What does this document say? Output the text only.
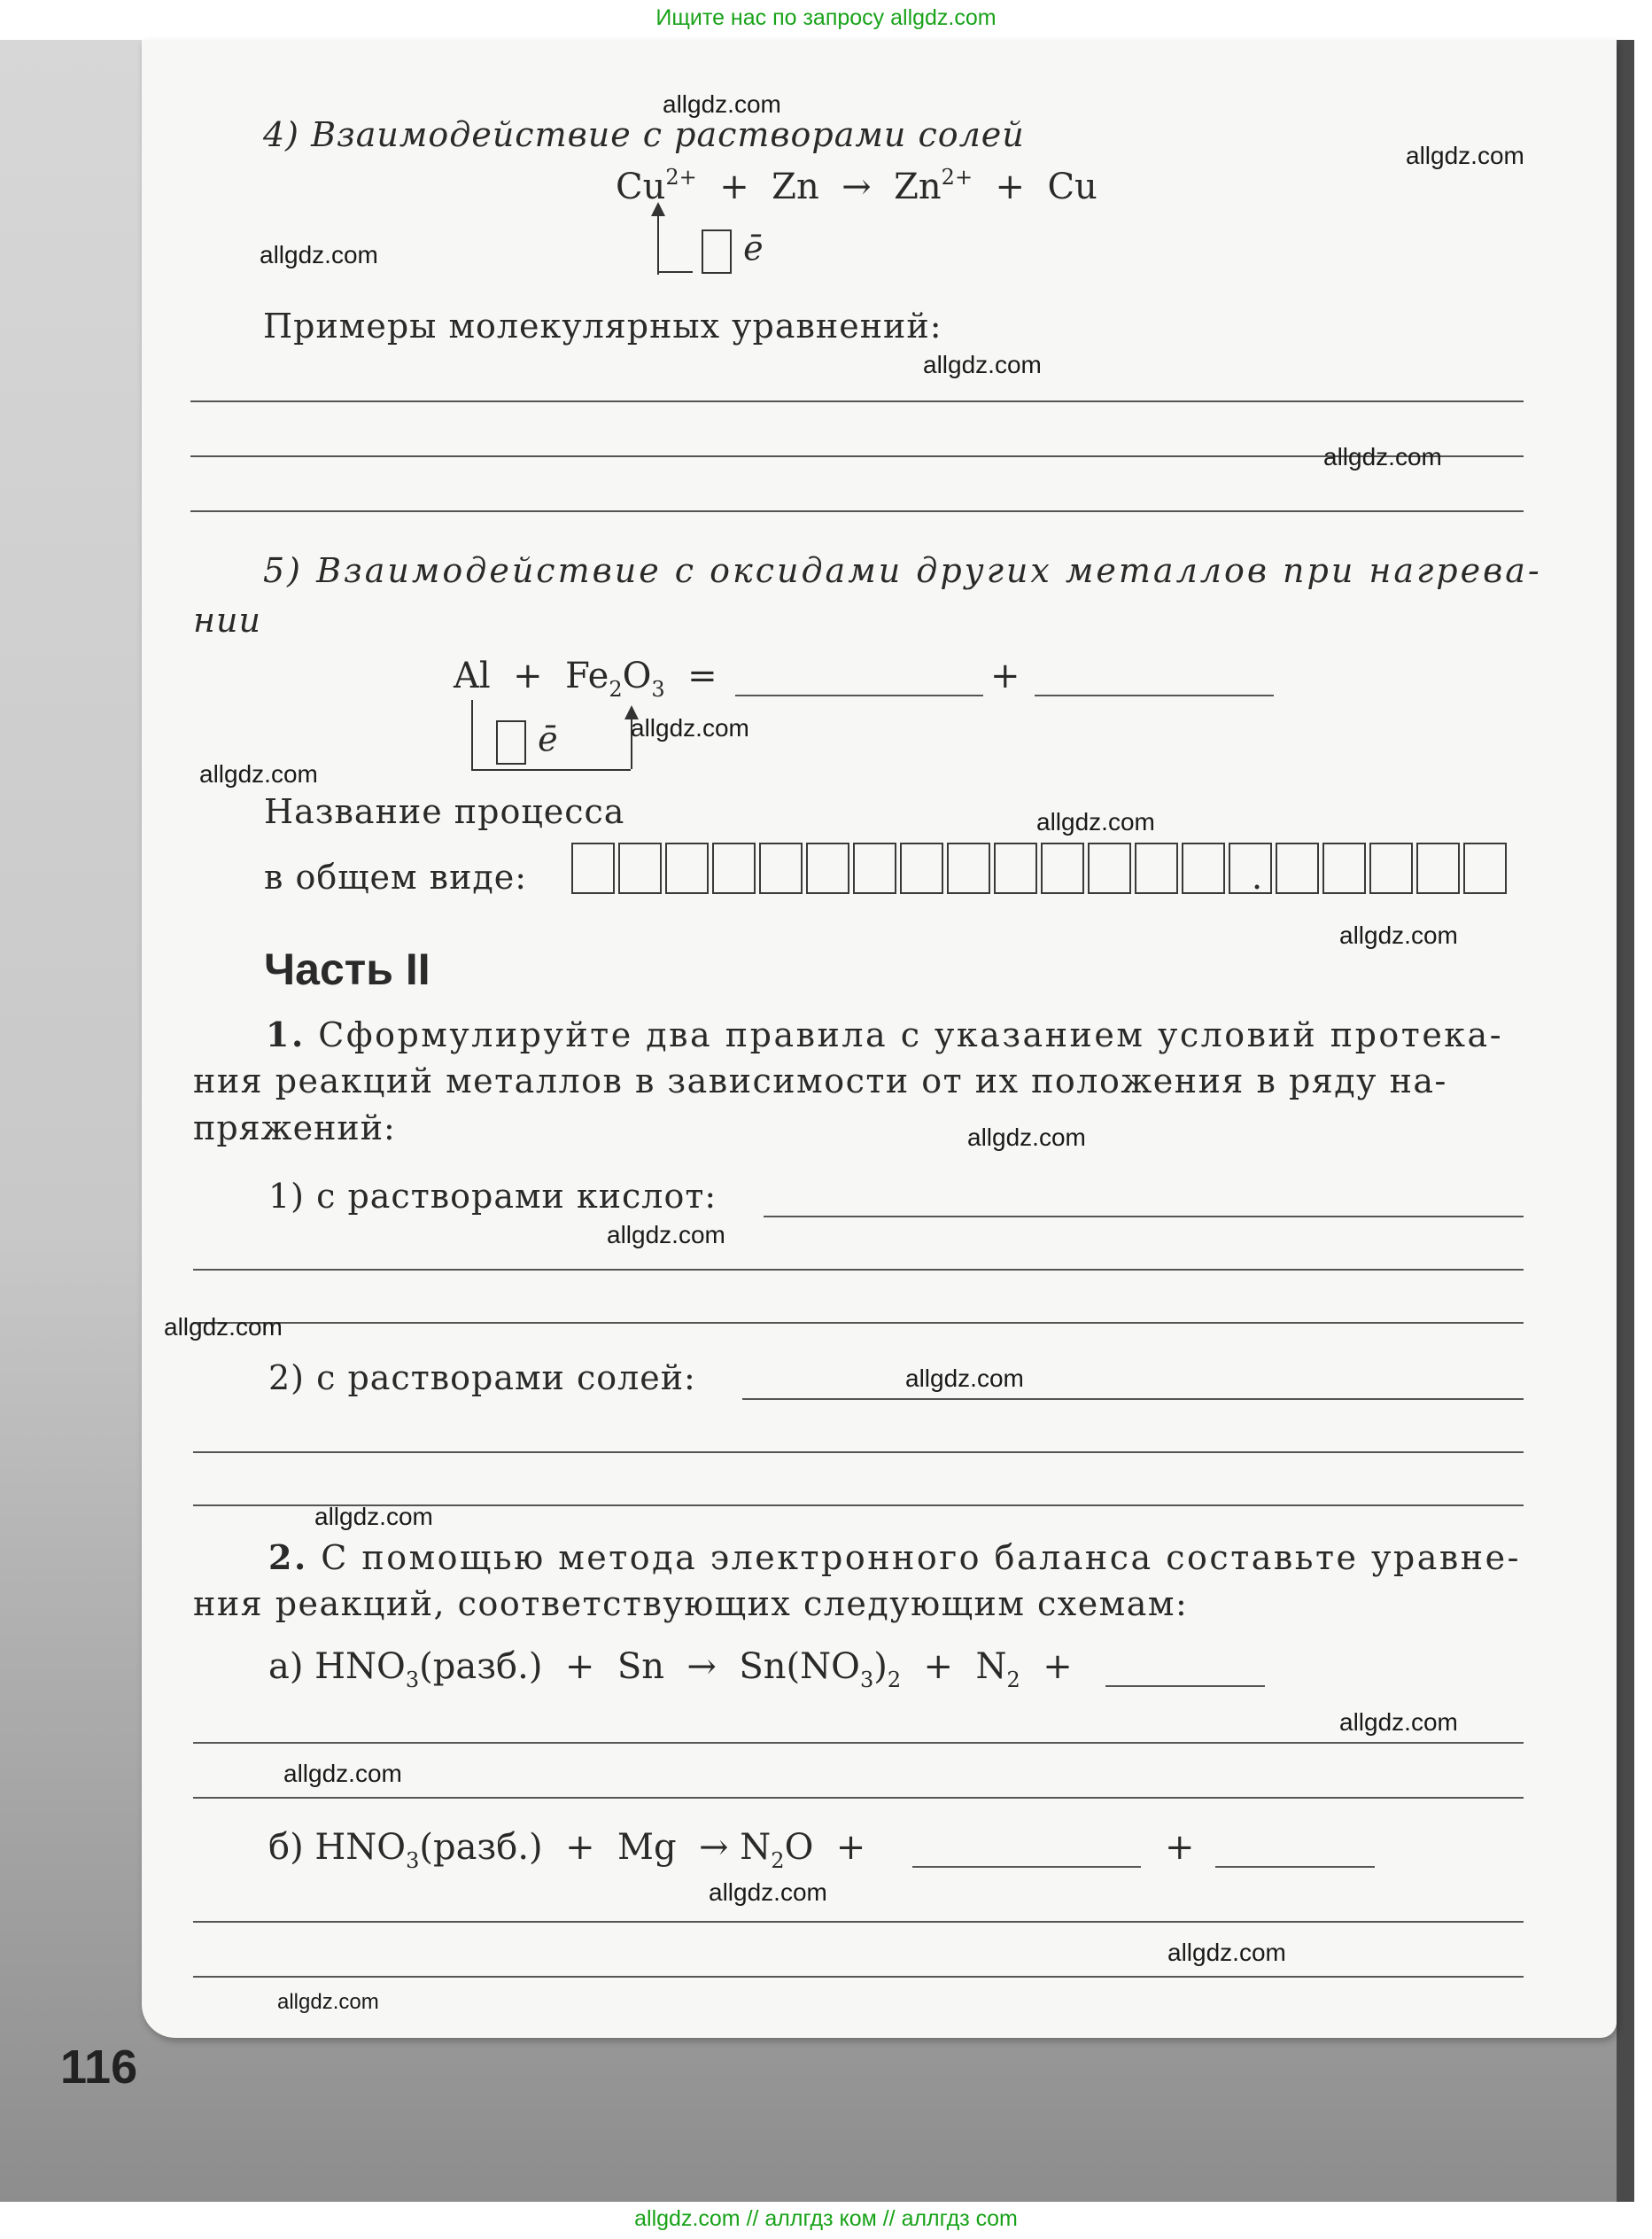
Ищите нас по запросу allgdz.com
4) Взаимодействие с растворами солей
$Cu^{2+} + Zn \to Zn^{2+} + Cu$
ē
Примеры молекулярных уравнений:
5) Взаимодействие с оксидами других металлов при нагрева-
нии
$Al + Fe_2O_3$ =	+
ē
Название процесса
в общем виде:	.
Часть II
1. Сформулируйте два правила с указанием условий протека-
ния реакций металлов в зависимости от их положения в ряду на-
пряжений:
1) с растворами кислот:
2) с растворами солей:
2. С помощью метода электронного баланса составьте уравне-
ния реакций, соответствующих следующим схемам:
а) $HNO_3(разб.) + Sn \to Sn(NO_3)_2 + N_2$ +
б) $HNO_3(разб.) + Mg \to N_2O$ +	+
116
allgdz.com
allgdz.com
allgdz.com
allgdz.com
allgdz.com
allgdz.com
allgdz.com
allgdz.com
allgdz.com
allgdz.com
allgdz.com
allgdz.com
allgdz.com
allgdz.com
allgdz.com
allgdz.com
allgdz.com
allgdz.com
allgdz.com
allgdz.com // аллгдз ком // аллгдз com
